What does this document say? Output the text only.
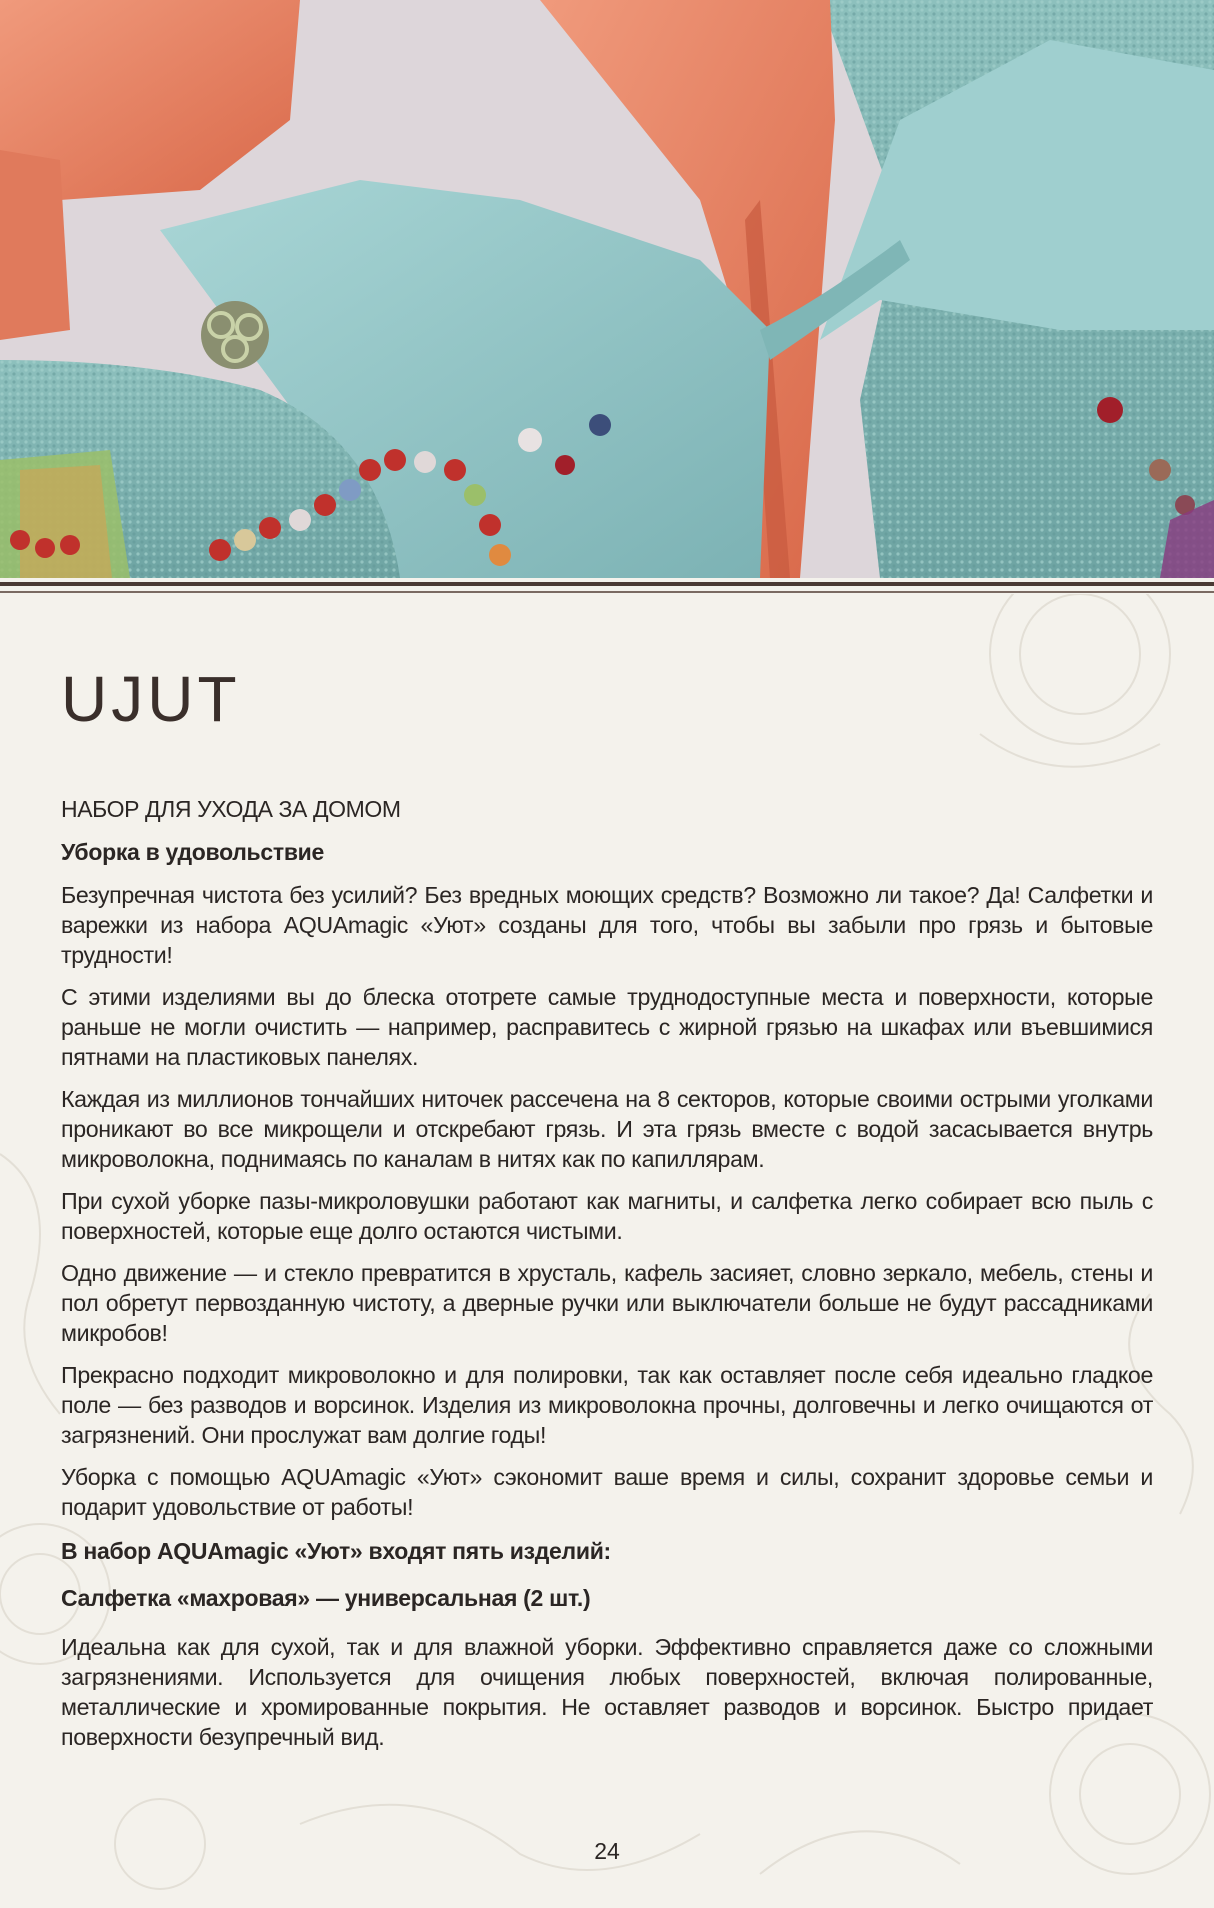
UJUT
НАБОР ДЛЯ УХОДА ЗА ДОМОМ
Уборка в удовольствие

Безупречная чистота без усилий? Без вредных моющих средств? Возможно ли такое? Да! Салфетки и варежки из набора AQUAmagic «Уют» созданы для того, чтобы вы забыли про грязь и бытовые трудности!

С этими изделиями вы до блеска ототрете самые труднодоступные места и поверхности, которые раньше не могли очистить — например, расправитесь с жирной грязью на шкафах или въевшимися пятнами на пластиковых панелях.

Каждая из миллионов тончайших ниточек рассечена на 8 секторов, которые своими острыми уголками проникают во все микрощели и отскребают грязь. И эта грязь вместе с водой засасывается внутрь микроволокна, поднимаясь по каналам в нитях как по капиллярам.

При сухой уборке пазы-микроловушки работают как магниты, и салфетка легко собирает всю пыль с поверхностей, которые еще долго остаются чистыми.

Одно движение — и стекло превратится в хрусталь, кафель засияет, словно зеркало, мебель, стены и пол обретут первозданную чистоту, а дверные ручки или выключатели больше не будут рассадниками микробов!

Прекрасно подходит микроволокно и для полировки, так как оставляет после себя идеально гладкое поле — без разводов и ворсинок. Изделия из микроволокна прочны, долговечны и легко очищаются от загрязнений. Они прослужат вам долгие годы!

Уборка с помощью AQUAmagic «Уют» сэкономит ваше время и силы, сохранит здоровье семьи и подарит удовольствие от работы!

В набор AQUAmagic «Уют» входят пять изделий:
Салфетка «махровая» — универсальная (2 шт.)

Идеальна как для сухой, так и для влажной уборки. Эффективно справляется даже со сложными загрязнениями. Используется для очищения любых поверхностей, включая полированные, металлические и хромированные покрытия. Не оставляет разводов и ворсинок. Быстро придает поверхности безупречный вид.

24
